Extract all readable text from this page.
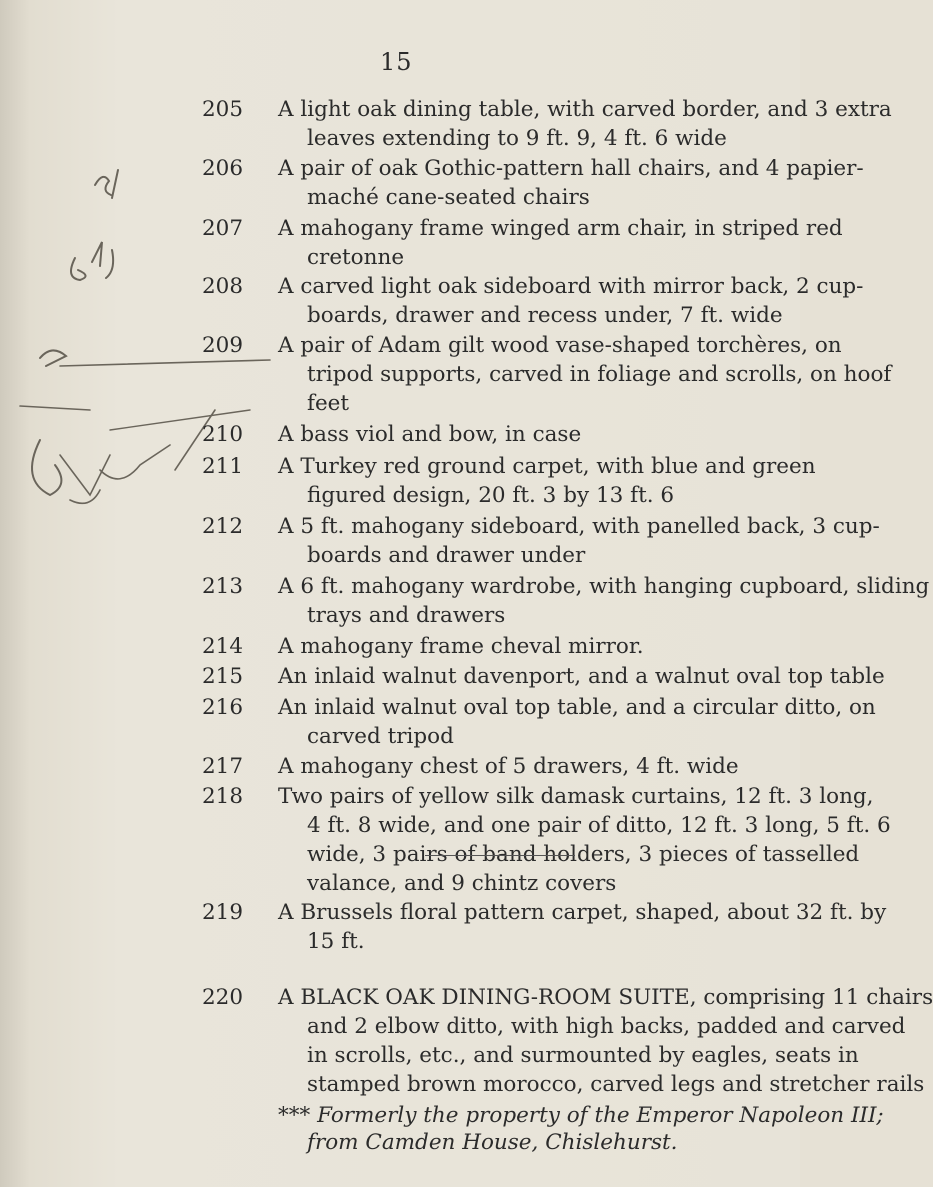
15
205	A light oak dining table, with carved border, and 3 extra
leaves extending to 9 ft. 9, 4 ft. 6 wide
206	A pair of oak Gothic-pattern hall chairs, and 4 papier-
maché cane-seated chairs
207	A mahogany frame winged arm chair, in striped red
cretonne
208	A carved light oak sideboard with mirror back, 2 cup-
boards, drawer and recess under, 7 ft. wide
209	A pair of Adam gilt wood vase-shaped torchères, on
tripod supports, carved in foliage and scrolls, on hoof
feet
210	A bass viol and bow, in case
211	A Turkey red ground carpet, with blue and green
figured design, 20 ft. 3 by 13 ft. 6
212	A 5 ft. mahogany sideboard, with panelled back, 3 cup-
boards and drawer under
213	A 6 ft. mahogany wardrobe, with hanging cupboard, sliding
trays and drawers
214	A mahogany frame cheval mirror.
215	An inlaid walnut davenport, and a walnut oval top table
216	An inlaid walnut oval top table, and a circular ditto, on
carved tripod
217	A mahogany chest of 5 drawers, 4 ft. wide
218	Two pairs of yellow silk damask curtains, 12 ft. 3 long,
4 ft. 8 wide, and one pair of ditto, 12 ft. 3 long, 5 ft. 6
wide, 3 pairs of band holders, 3 pieces of tasselled
valance, and 9 chintz covers
219	A Brussels floral pattern carpet, shaped, about 32 ft. by
15 ft.
220	A BLACK OAK DINING-ROOM SUITE, comprising 11 chairs
and 2 elbow ditto, with high backs, padded and carved
in scrolls, etc., and surmounted by eagles, seats in
stamped brown morocco, carved legs and stretcher rails
*** Formerly the property of the Emperor Napoleon III;
from Camden House, Chislehurst.
